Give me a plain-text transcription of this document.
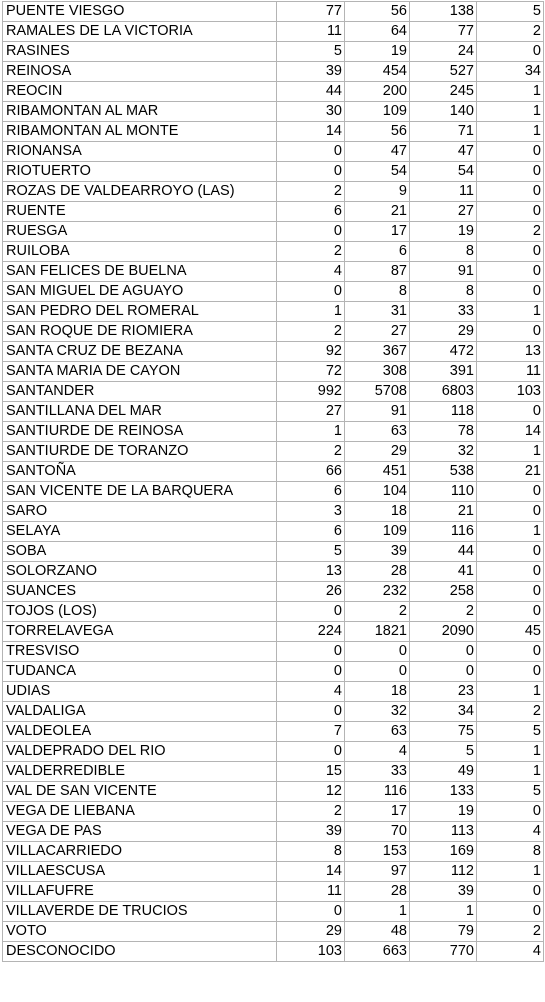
PUENTE VIESGO	77	56	138	5
RAMALES DE LA VICTORIA	11	64	77	2
RASINES	5	19	24	0
REINOSA	39	454	527	34
REOCIN	44	200	245	1
RIBAMONTAN AL MAR	30	109	140	1
RIBAMONTAN AL MONTE	14	56	71	1
RIONANSA	0	47	47	0
RIOTUERTO	0	54	54	0
ROZAS DE VALDEARROYO (LAS)	2	9	11	0
RUENTE	6	21	27	0
RUESGA	0	17	19	2
RUILOBA	2	6	8	0
SAN FELICES DE BUELNA	4	87	91	0
SAN MIGUEL DE AGUAYO	0	8	8	0
SAN PEDRO DEL ROMERAL	1	31	33	1
SAN ROQUE DE RIOMIERA	2	27	29	0
SANTA CRUZ DE BEZANA	92	367	472	13
SANTA MARIA DE CAYON	72	308	391	11
SANTANDER	992	5708	6803	103
SANTILLANA DEL MAR	27	91	118	0
SANTIURDE DE REINOSA	1	63	78	14
SANTIURDE DE TORANZO	2	29	32	1
SANTOÑA	66	451	538	21
SAN VICENTE DE LA BARQUERA	6	104	110	0
SARO	3	18	21	0
SELAYA	6	109	116	1
SOBA	5	39	44	0
SOLORZANO	13	28	41	0
SUANCES	26	232	258	0
TOJOS (LOS)	0	2	2	0
TORRELAVEGA	224	1821	2090	45
TRESVISO	0	0	0	0
TUDANCA	0	0	0	0
UDIAS	4	18	23	1
VALDALIGA	0	32	34	2
VALDEOLEA	7	63	75	5
VALDEPRADO DEL RIO	0	4	5	1
VALDERREDIBLE	15	33	49	1
VAL DE SAN VICENTE	12	116	133	5
VEGA DE LIEBANA	2	17	19	0
VEGA DE PAS	39	70	113	4
VILLACARRIEDO	8	153	169	8
VILLAESCUSA	14	97	112	1
VILLAFUFRE	11	28	39	0
VILLAVERDE DE TRUCIOS	0	1	1	0
VOTO	29	48	79	2
DESCONOCIDO	103	663	770	4
